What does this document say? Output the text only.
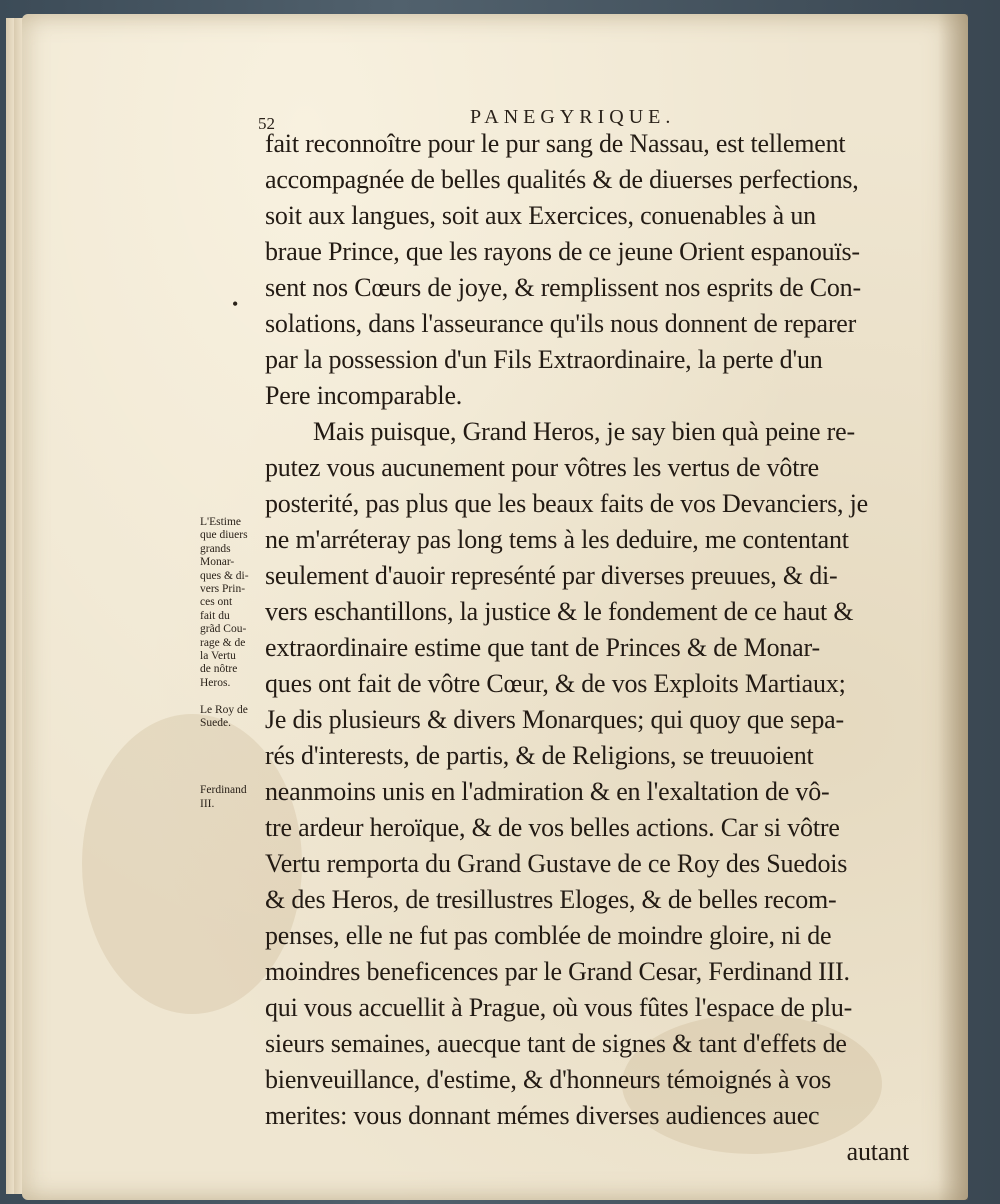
52	PANEGYRIQUE.
•
fait reconnoître pour le pur sang de Nassau, est tellement
accompagnée de belles qualités & de diuerses perfections,
soit aux langues, soit aux Exercices, conuenables à un
braue Prince, que les rayons de ce jeune Orient espanouïs-
sent nos Cœurs de joye, & remplissent nos esprits de Con-
solations, dans l'asseurance qu'ils nous donnent de reparer
par la possession d'un Fils Extraordinaire, la perte d'un
Pere incomparable.
Mais puisque, Grand Heros, je say bien quà peine re-
putez vous aucunement pour vôtres les vertus de vôtre
posterité, pas plus que les beaux faits de vos Devanciers, je
ne m'arréteray pas long tems à les deduire, me contentant
seulement d'auoir represénté par diverses preuues, & di-
vers eschantillons, la justice & le fondement de ce haut &
extraordinaire estime que tant de Princes & de Monar-
ques ont fait de vôtre Cœur, & de vos Exploits Martiaux;
Je dis plusieurs & divers Monarques; qui quoy que sepa-
rés d'interests, de partis, & de Religions, se treuuoient
neanmoins unis en l'admiration & en l'exaltation de vô-
tre ardeur heroïque, & de vos belles actions. Car si vôtre
Vertu remporta du Grand Gustave de ce Roy des Suedois
& des Heros, de tresillustres Eloges, & de belles recom-
penses, elle ne fut pas comblée de moindre gloire, ni de
moindres beneficences par le Grand Cesar, Ferdinand III.
qui vous accuellit à Prague, où vous fûtes l'espace de plu-
sieurs semaines, auecque tant de signes & tant d'effets de
bienveuillance, d'estime, & d'honneurs témoignés à vos
merites: vous donnant mémes diverses audiences auec
autant
L'Estime
que diuers
grands
Monar-
ques & di-
vers Prin-
ces ont
fait du
grãd Cou-
rage & de
la Vertu
de nôtre
Heros.

Le Roy de
Suede.

Ferdinand
III.
